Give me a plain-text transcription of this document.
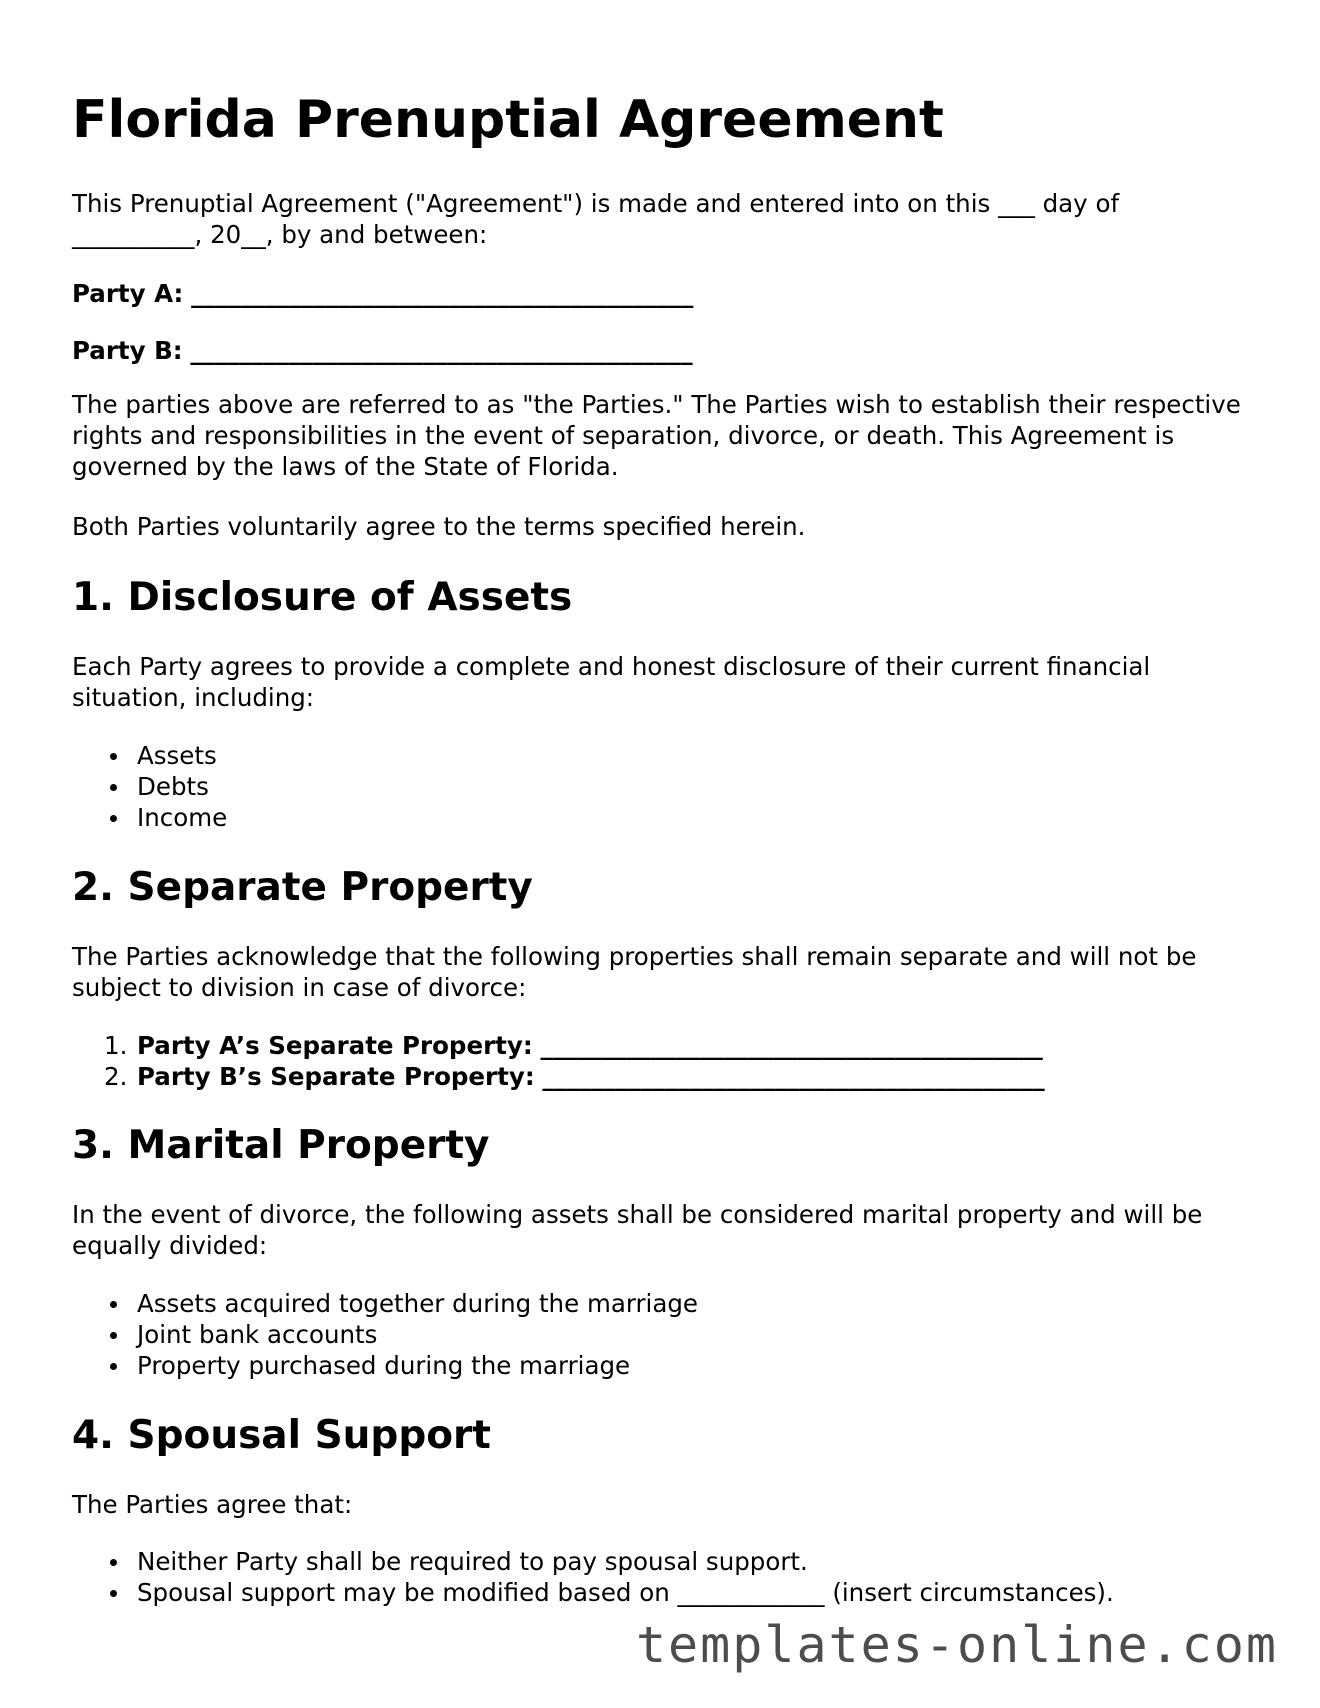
Florida Prenuptial Agreement

This Prenuptial Agreement ("Agreement") is made and entered into on this ___ day of __________, 20__, by and between:

Party A: _________________________________________

Party B: _________________________________________

The parties above are referred to as "the Parties." The Parties wish to establish their respective rights and responsibilities in the event of separation, divorce, or death. This Agreement is governed by the laws of the State of Florida.

Both Parties voluntarily agree to the terms specified herein.

1. Disclosure of Assets

Each Party agrees to provide a complete and honest disclosure of their current financial situation, including:

Assets
Debts
Income
2. Separate Property

The Parties acknowledge that the following properties shall remain separate and will not be subject to division in case of divorce:

1. Party A’s Separate Property: _________________________________________
2. Party B’s Separate Property: _________________________________________
3. Marital Property

In the event of divorce, the following assets shall be considered marital property and will be equally divided:

Assets acquired together during the marriage
Joint bank accounts
Property purchased during the marriage
4. Spousal Support

The Parties agree that:

Neither Party shall be required to pay spousal support.
Spousal support may be modified based on ____________ (insert circumstances).
templates-online.com
